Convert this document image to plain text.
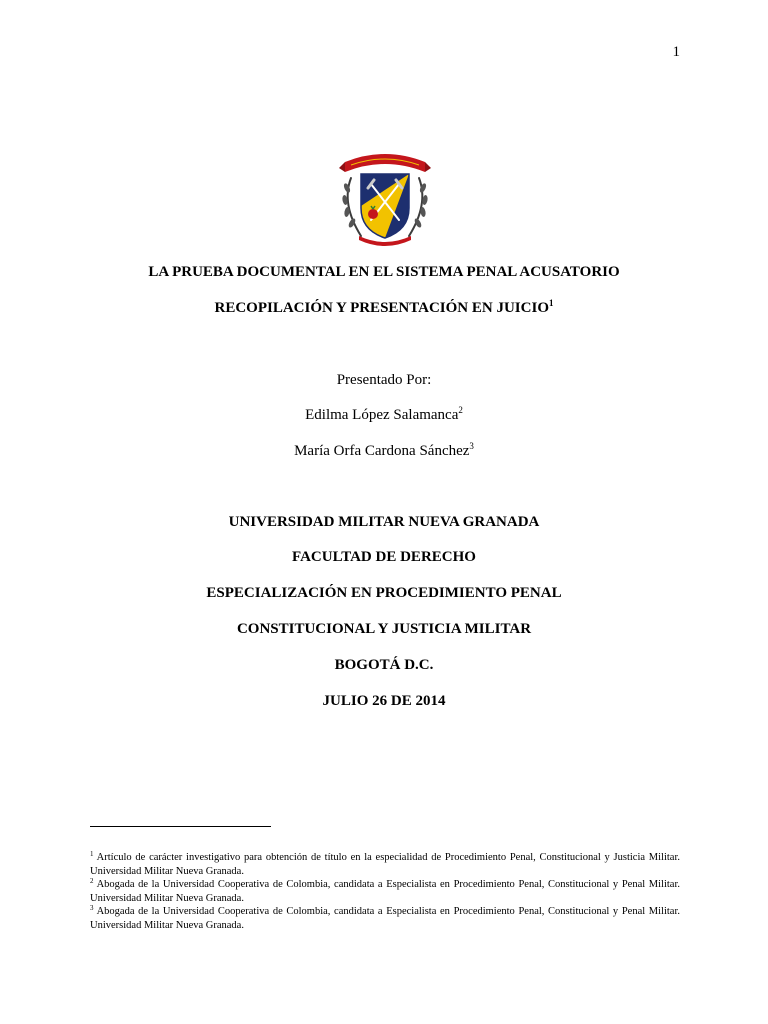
1
LA PRUEBA DOCUMENTAL EN EL SISTEMA PENAL ACUSATORIO
RECOPILACIÓN Y PRESENTACIÓN EN JUICIO$^1$
Presentado Por:
Edilma López Salamanca$^2$
María Orfa Cardona Sánchez$^3$
UNIVERSIDAD MILITAR NUEVA GRANADA
FACULTAD DE DERECHO
ESPECIALIZACIÓN EN PROCEDIMIENTO PENAL
CONSTITUCIONAL Y JUSTICIA MILITAR
BOGOTÁ D.C.
JULIO 26 DE 2014

$^1$ Artículo de carácter investigativo para obtención de título en la especialidad de Procedimiento Penal, Constitucional y Justicia Militar. Universidad Militar Nueva Granada.

$^2$ Abogada de la Universidad Cooperativa de Colombia, candidata a Especialista en Procedimiento Penal, Constitucional y Penal Militar. Universidad Militar Nueva Granada.

$^3$ Abogada de la Universidad Cooperativa de Colombia, candidata a Especialista en Procedimiento Penal, Constitucional y Penal Militar. Universidad Militar Nueva Granada.
